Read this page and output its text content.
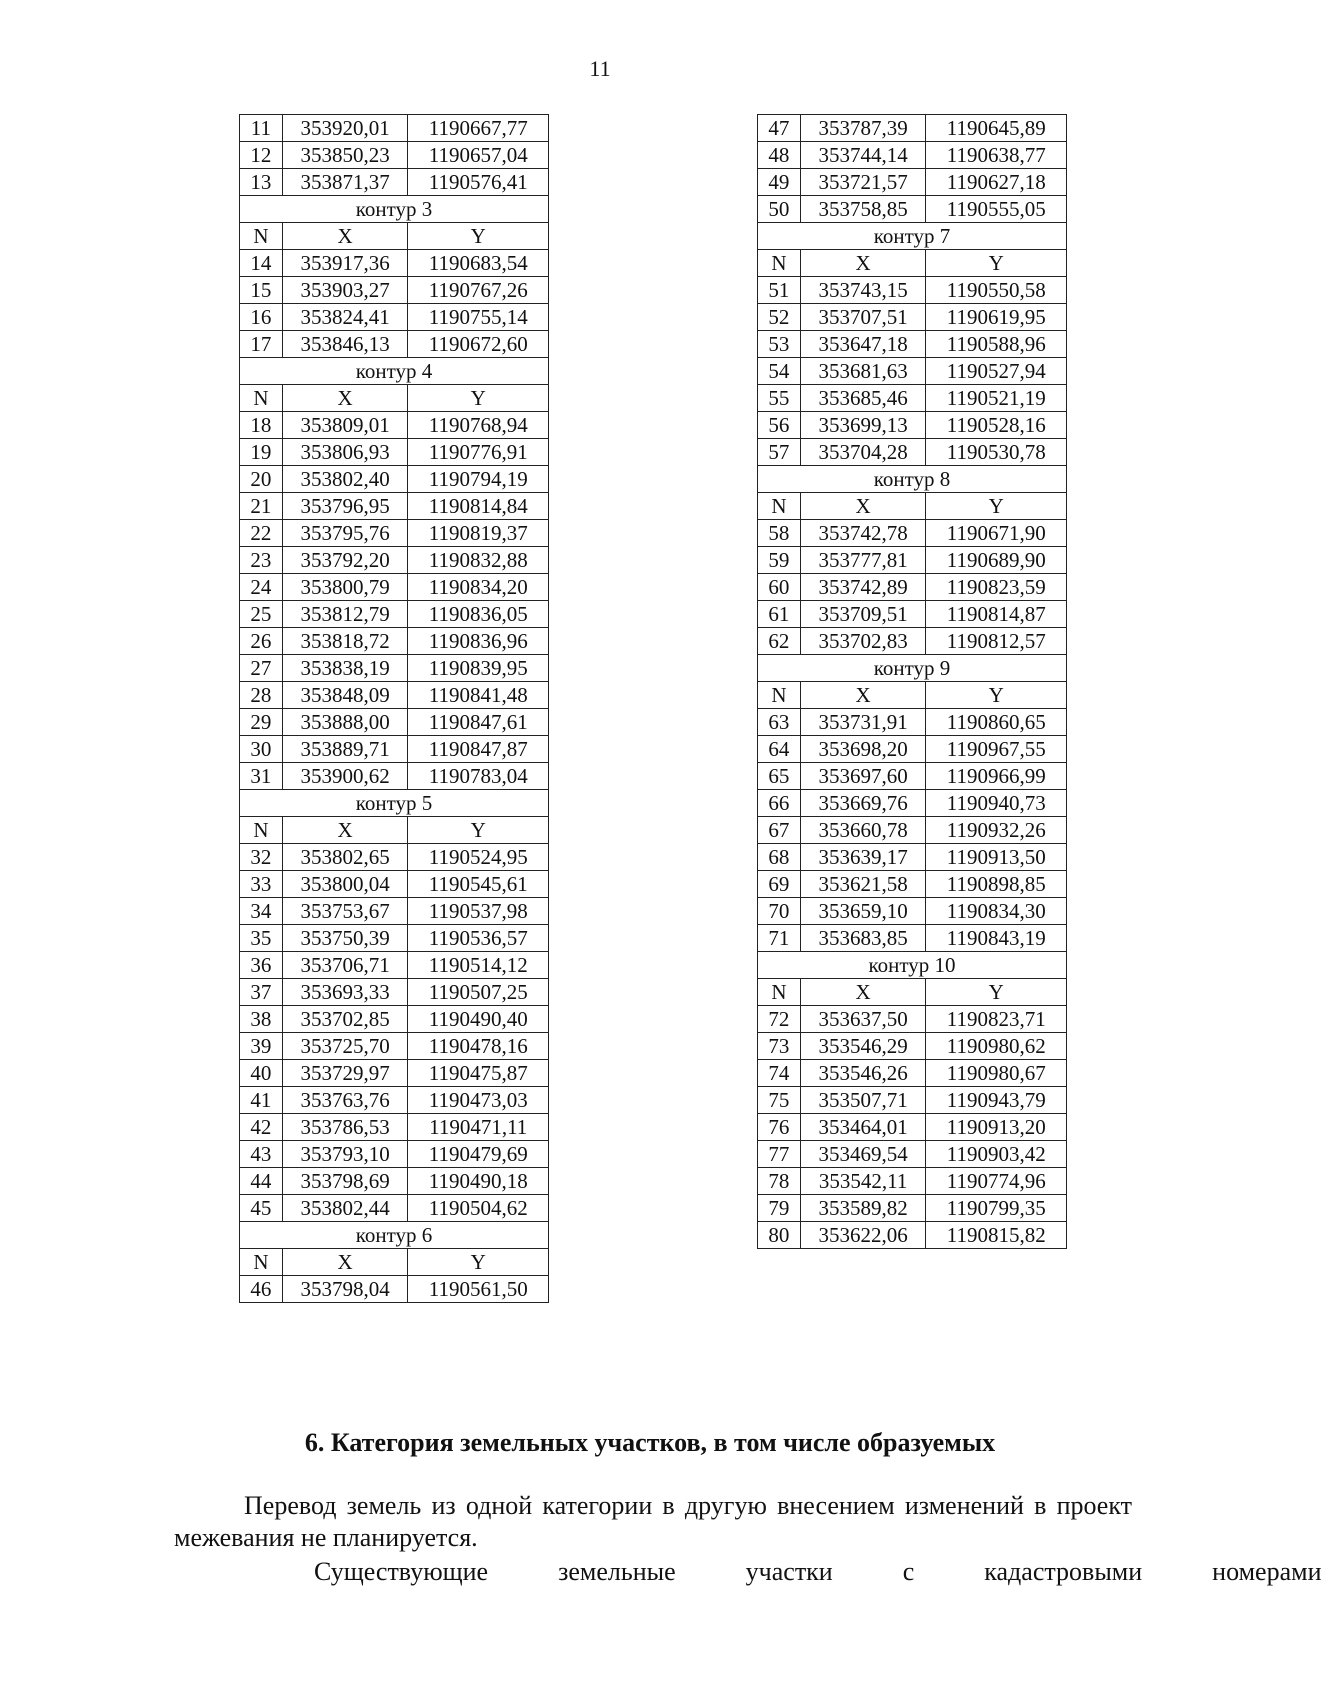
11
11	353920,01	1190667,77
12	353850,23	1190657,04
13	353871,37	1190576,41
контур 3		
N	X	Y
14	353917,36	1190683,54
15	353903,27	1190767,26
16	353824,41	1190755,14
17	353846,13	1190672,60
контур 4		
N	X	Y
18	353809,01	1190768,94
19	353806,93	1190776,91
20	353802,40	1190794,19
21	353796,95	1190814,84
22	353795,76	1190819,37
23	353792,20	1190832,88
24	353800,79	1190834,20
25	353812,79	1190836,05
26	353818,72	1190836,96
27	353838,19	1190839,95
28	353848,09	1190841,48
29	353888,00	1190847,61
30	353889,71	1190847,87
31	353900,62	1190783,04
контур 5		
N	X	Y
32	353802,65	1190524,95
33	353800,04	1190545,61
34	353753,67	1190537,98
35	353750,39	1190536,57
36	353706,71	1190514,12
37	353693,33	1190507,25
38	353702,85	1190490,40
39	353725,70	1190478,16
40	353729,97	1190475,87
41	353763,76	1190473,03
42	353786,53	1190471,11
43	353793,10	1190479,69
44	353798,69	1190490,18
45	353802,44	1190504,62
контур 6		
N	X	Y
46	353798,04	1190561,50
47	353787,39	1190645,89
48	353744,14	1190638,77
49	353721,57	1190627,18
50	353758,85	1190555,05
контур 7		
N	X	Y
51	353743,15	1190550,58
52	353707,51	1190619,95
53	353647,18	1190588,96
54	353681,63	1190527,94
55	353685,46	1190521,19
56	353699,13	1190528,16
57	353704,28	1190530,78
контур 8		
N	X	Y
58	353742,78	1190671,90
59	353777,81	1190689,90
60	353742,89	1190823,59
61	353709,51	1190814,87
62	353702,83	1190812,57
контур 9		
N	X	Y
63	353731,91	1190860,65
64	353698,20	1190967,55
65	353697,60	1190966,99
66	353669,76	1190940,73
67	353660,78	1190932,26
68	353639,17	1190913,50
69	353621,58	1190898,85
70	353659,10	1190834,30
71	353683,85	1190843,19
контур 10		
N	X	Y
72	353637,50	1190823,71
73	353546,29	1190980,62
74	353546,26	1190980,67
75	353507,71	1190943,79
76	353464,01	1190913,20
77	353469,54	1190903,42
78	353542,11	1190774,96
79	353589,82	1190799,35
80	353622,06	1190815,82
6. Категория земельных участков, в том числе образуемых
Перевод земель из одной категории в другую внесением изменений в проект межевания не планируется.
Существующие	земельные	участки	с	кадастровыми	номерами
